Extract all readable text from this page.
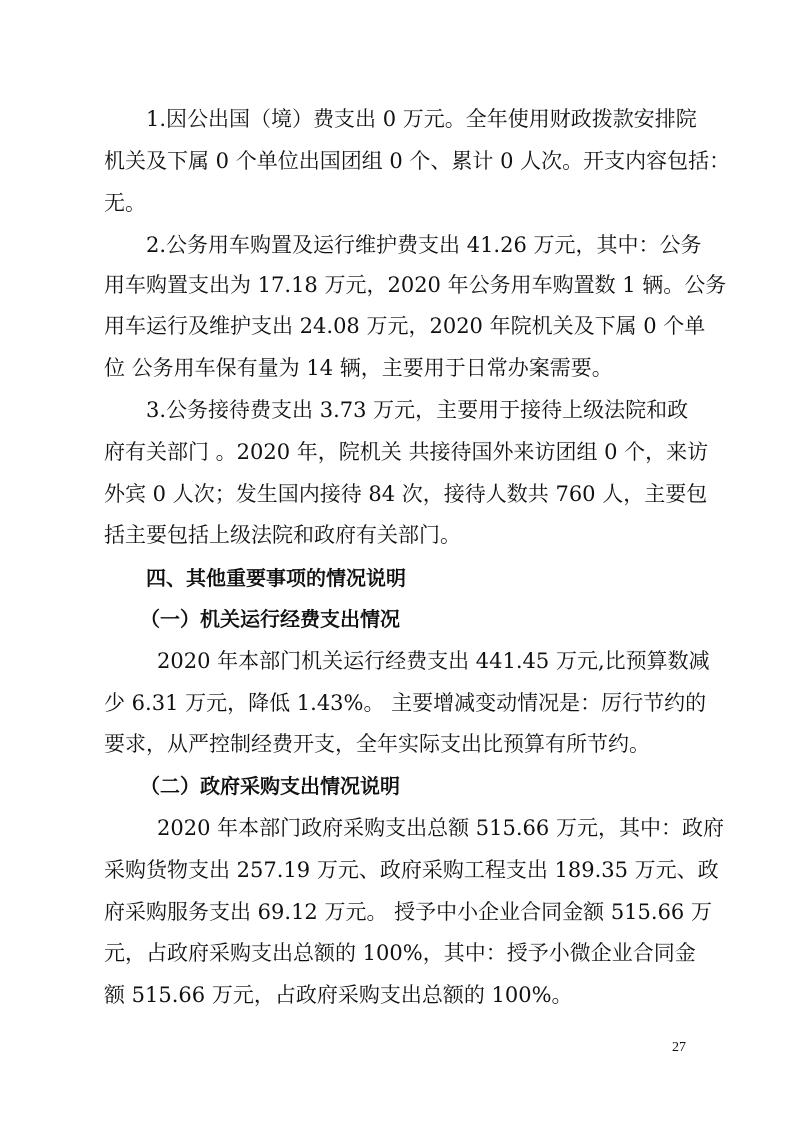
1.因公出国（境）费支出 0 万元。全年使用财政拨款安排院
机关及下属 0 个单位出国团组 0 个、累计 0 人次。开支内容包括：
无。
2.公务用车购置及运行维护费支出 41.26 万元，其中：公务
用车购置支出为 17.18 万元，2020 年公务用车购置数 1 辆。公务
用车运行及维护支出 24.08 万元，2020 年院机关及下属 0 个单
位 公务用车保有量为 14 辆，主要用于日常办案需要。
3.公务接待费支出 3.73 万元，主要用于接待上级法院和政
府有关部门 。2020 年，院机关 共接待国外来访团组 0 个，来访
外宾 0 人次；发生国内接待 84 次，接待人数共 760 人，主要包
括主要包括上级法院和政府有关部门。
四、其他重要事项的情况说明
（一）机关运行经费支出情况
2020 年本部门机关运行经费支出 441.45 万元,比预算数减
少 6.31 万元，降低 1.43%。 主要增减变动情况是：厉行节约的
要求，从严控制经费开支，全年实际支出比预算有所节约。
（二）政府采购支出情况说明
2020 年本部门政府采购支出总额 515.66 万元，其中：政府
采购货物支出 257.19 万元、政府采购工程支出 189.35 万元、政
府采购服务支出 69.12 万元。 授予中小企业合同金额 515.66 万
元，占政府采购支出总额的 100%，其中：授予小微企业合同金
额 515.66 万元，占政府采购支出总额的 100%。
27
